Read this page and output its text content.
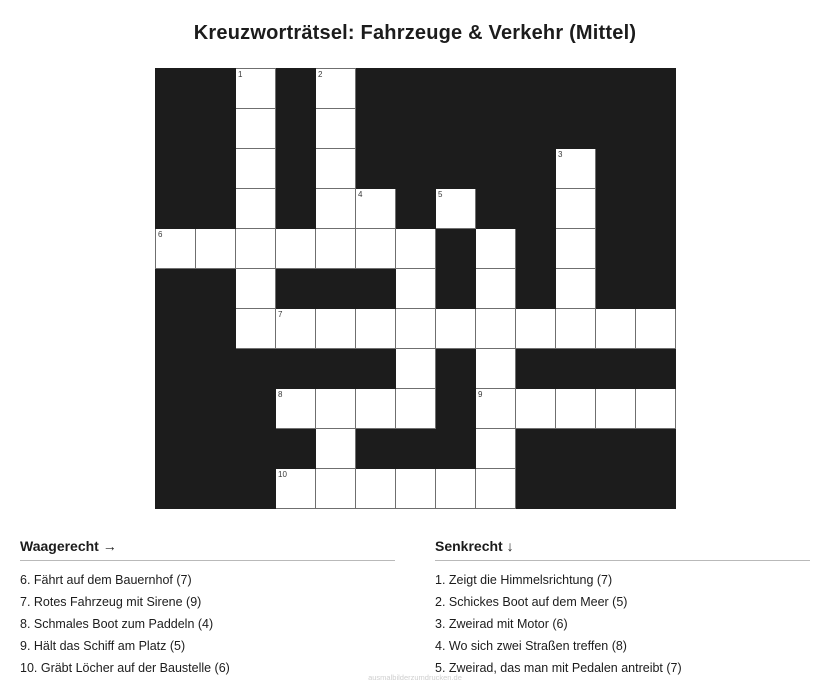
Kreuzworträtsel: Fahrzeuge & Verkehr (Mittel)

		1		2								

										3		

					4		5					

6												

			7									

			8					9				

			10									

Waagerecht →
6. Fährt auf dem Bauernhof (7)
7. Rotes Fahrzeug mit Sirene (9)
8. Schmales Boot zum Paddeln (4)
9. Hält das Schiff am Platz (5)
10. Gräbt Löcher auf der Baustelle (6)
Senkrecht ↓
1. Zeigt die Himmelsrichtung (7)
2. Schickes Boot auf dem Meer (5)
3. Zweirad mit Motor (6)
4. Wo sich zwei Straßen treffen (8)
5. Zweirad, das man mit Pedalen antreibt (7)
ausmalbilderzumdrucken.de
